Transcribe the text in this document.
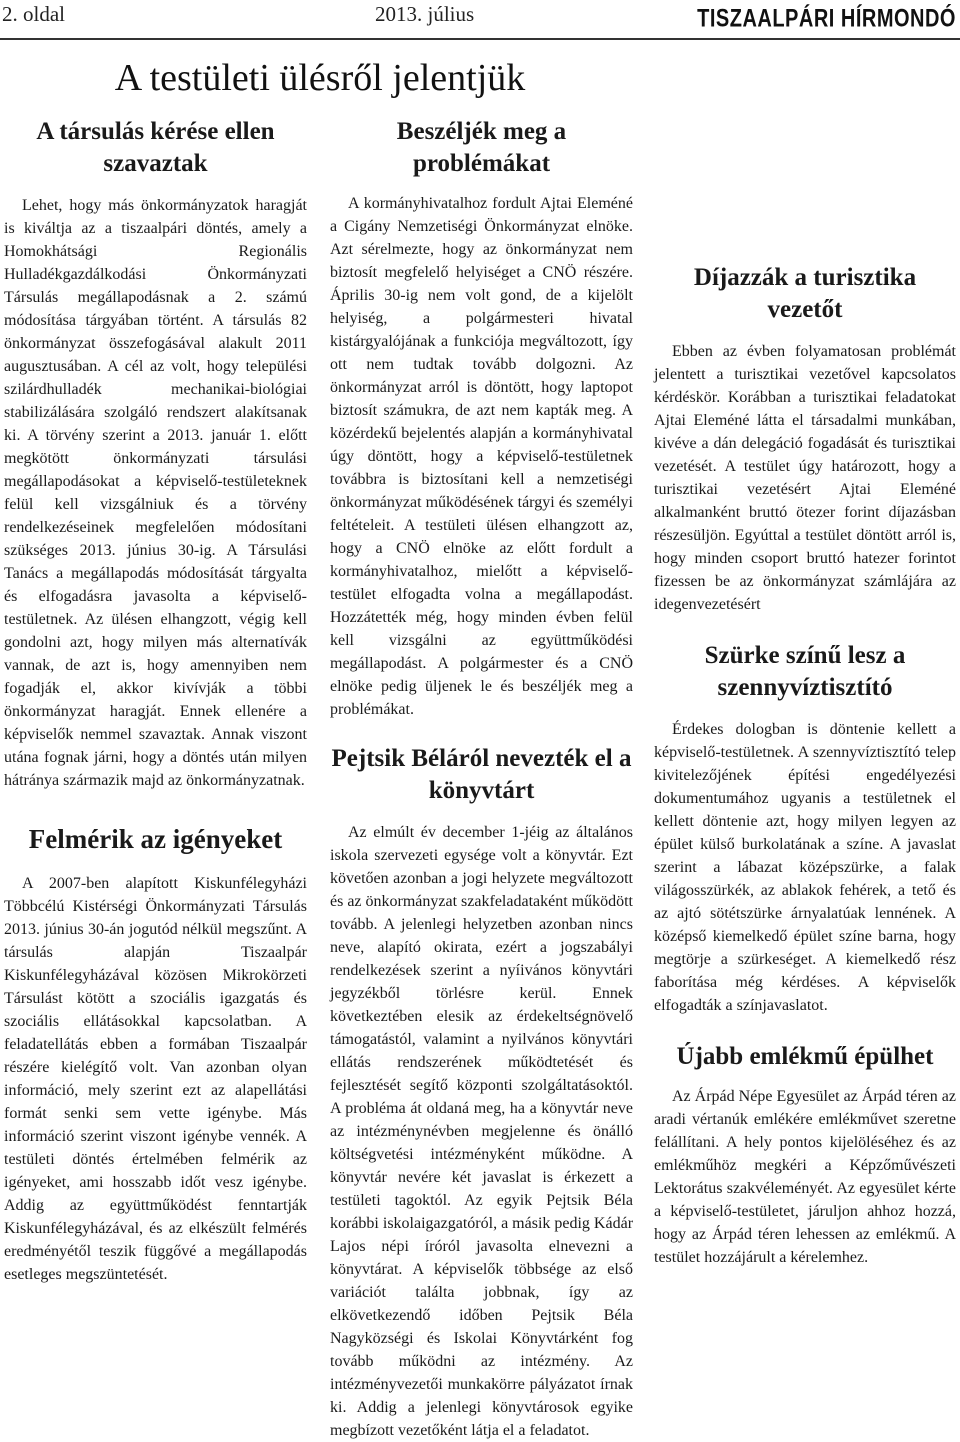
2. oldal	2013. július	TISZAALPÁRI HÍRMONDÓ
A testületi ülésről jelentjük
A társulás kérése ellen szavaztak

Lehet, hogy más önkormányzatok haragját is kiváltja az a tiszaalpári döntés, amely a Homokhátsági Regionális Hulladékgazdálkodási Önkormányzati Társulás megállapodásnak a 2. számú módosítása tárgyában történt. A társulás 82 önkormányzat összefogásával alakult 2011 augusztusában. A cél az volt, hogy települési szilárdhulladék mechanikai-biológiai stabilizálására szolgáló rendszert alakítsanak ki. A törvény szerint a 2013. január 1. előtt megkötött önkormányzati társulási megállapodásokat a képviselő-testületeknek felül kell vizsgálniuk és a törvény rendelkezéseinek megfelelően módosítani szükséges 2013. június 30-ig. A Társulási Tanács a megállapodás módosítását tárgyalta és elfogadásra javasolta a képviselő-testületnek. Az ülésen elhangzott, végig kell gondolni azt, hogy milyen más alternatívák vannak, de azt is, hogy amennyiben nem fogadják el, akkor kivívják a többi önkormányzat haragját. Ennek ellenére a képviselők nemmel szavaztak. Annak viszont utána fognak járni, hogy a döntés után milyen hátránya származik majd az önkormányzatnak.

Felmérik az igényeket

A 2007-ben alapított Kiskunfélegyházi Többcélú Kistérségi Önkormányzati Társulás 2013. június 30-án jogutód nélkül megszűnt. A társulás alapján Tiszaalpár Kiskunfélegyházával közösen Mikrokörzeti Társulást kötött a szociális igazgatás és szociális ellátásokkal kapcsolatban. A feladatellátás ebben a formában Tiszaalpár részére kielégítő volt. Van azonban olyan információ, mely szerint ezt az alapellátási formát senki sem vette igénybe. Más információ szerint viszont igénybe vennék. A testületi döntés értelmében felmérik az igényeket, ami hosszabb időt vesz igénybe. Addig az együttműködést fenntartják Kiskunfélegyházával, és az elkészült felmérés eredményétől teszik függővé a megállapodás esetleges megszüntetését.

Beszéljék meg a problémákat

A kormányhivatalhoz fordult Ajtai Eleméné a Cigány Nemzetiségi Önkormányzat elnöke. Azt sérelmezte, hogy az önkormányzat nem biztosít megfelelő helyiséget a CNÖ részére. Április 30-ig nem volt gond, de a kijelölt helyiség, a polgármesteri hivatal kistárgyalójának a funkciója megváltozott, így ott nem tudtak tovább dolgozni. Az önkormányzat arról is döntött, hogy laptopot biztosít számukra, de azt nem kapták meg. A közérdekű bejelentés alapján a kormányhivatal úgy döntött, hogy a képviselő-testületnek továbbra is biztosítani kell a nemzetiségi önkormányzat működésének tárgyi és személyi feltételeit. A testületi ülésen elhangzott az, hogy a CNÖ elnöke az előtt fordult a kormányhivatalhoz, mielőtt a képviselő-testület elfogadta volna a megállapodást. Hozzátették még, hogy minden évben felül kell vizsgálni az együttműködési megállapodást. A polgármester és a CNÖ elnöke pedig üljenek le és beszéljék meg a problémákat.

Pejtsik Béláról nevezték el a könyvtárt

Az elmúlt év december 1-jéig az általános iskola szervezeti egysége volt a könyvtár. Ezt követően azonban a jogi helyzete megváltozott és az önkormányzat szakfeladataként működött tovább. A jelenlegi helyzetben azonban nincs neve, alapító okirata, ezért a jogszabályi rendelkezések szerint a nyíivános könyvtári jegyzékből törlésre kerül. Ennek következtében elesik az érdekeltségnövelő támogatástól, valamint a nyilvános könyvtári ellátás rendszerének működtetését és fejlesztését segítő központi szolgáltatásoktól. A probléma át oldaná meg, ha a könyvtár neve az intézménynévben megjelenne és önálló költségvetési intézményként működne. A könyvtár nevére két javaslat is érkezett a testületi tagoktól. Az egyik Pejtsik Béla korábbi iskolaigazgatóról, a másik pedig Kádár Lajos népi íróról javasolta elnevezni a könyvtárat. A képviselők többsége az első variációt találta jobbnak, így az elkövetkezendő időben Pejtsik Béla Nagyközségi és Iskolai Könyvtárként fog tovább működni az intézmény. Az intézményvezetői munkakörre pályázatot írnak ki. Addig a jelenlegi könyvtárosok egyike megbízott vezetőként látja el a feladatot.

Díjazzák a turisztika vezetőt

Ebben az évben folyamatosan problémát jelentett a turisztikai vezetővel kapcsolatos kérdéskör. Korábban a turisztikai feladatokat Ajtai Eleméné látta el társadalmi munkában, kivéve a dán delegáció fogadását és turisztikai vezetését. A testület úgy határozott, hogy a turisztikai vezetésért Ajtai Eleméné alkalmanként bruttó ötezer forint díjazásban részesüljön. Egyúttal a testület döntött arról is, hogy minden csoport bruttó hatezer forintot fizessen be az önkormányzat számlájára az idegenvezetésért

Szürke színű lesz a szennyvíztisztító

Érdekes dologban is döntenie kellett a képviselő-testületnek. A szennyvíztisztító telep kivitelezőjének építési engedélyezési dokumentumához ugyanis a testületnek el kellett döntenie azt, hogy milyen legyen az épület külső burkolatának a színe. A javaslat szerint a lábazat középszürke, a falak világosszürkék, az ablakok fehérek, a tető és az ajtó sötétszürke árnyalatúak lennének. A középső kiemelkedő épület színe barna, hogy megtörje a szürkeséget. A kiemelkedő rész faborítása még kérdéses. A képviselők elfogadták a színjavaslatot.

Újabb emlékmű épülhet

Az Árpád Népe Egyesület az Árpád téren az aradi vértanúk emlékére emlékművet szeretne felállítani. A hely pontos kijelöléséhez és az emlékműhöz megkéri a Képzőművészeti Lektorátus szakvéleményét. Az egyesület kérte a képviselő-testületet, járuljon ahhoz hozzá, hogy az Árpád téren lehessen az emlékmű. A testület hozzájárult a kérelemhez.
